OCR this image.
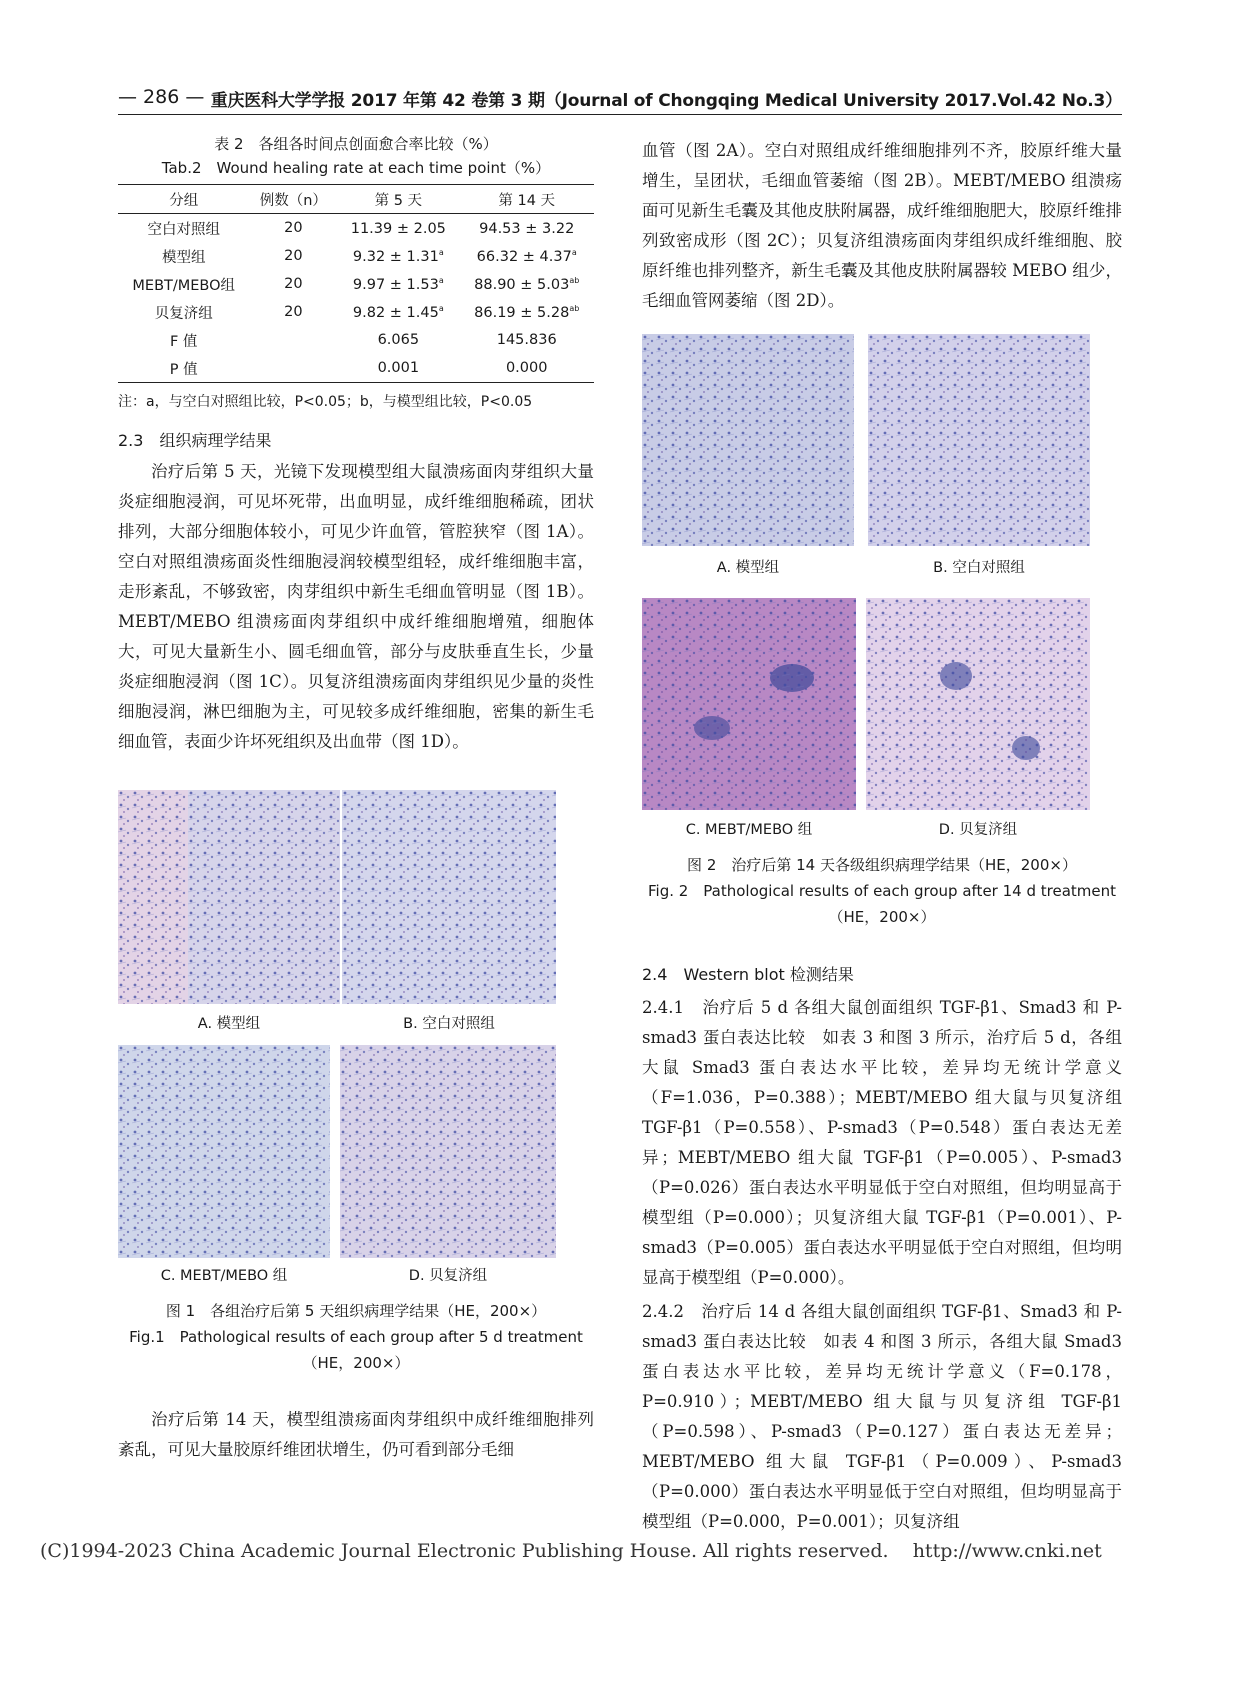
— 286 — 重庆医科大学学报 2017 年第 42 卷第 3 期（Journal of Chongqing Medical University 2017.Vol.42 No.3）
表 2　各组各时间点创面愈合率比较（%）
Tab.2　Wound healing rate at each time point（%）
分组	例数（n）	第 5 天	第 14 天
空白对照组	20	11.39 ± 2.05	94.53 ± 3.22
模型组	20	9.32 ± 1.31$^a$	66.32 ± 4.37$^a$
MEBT/MEBO组	20	9.97 ± 1.53$^a$	88.90 ± 5.03$^{ab}$
贝复济组	20	9.82 ± 1.45$^a$	86.19 ± 5.28$^{ab}$
F 值		6.065	145.836
P 值		0.001	0.000
注：a，与空白对照组比较，P<0.05；b，与模型组比较，P<0.05
2.3　组织病理学结果

治疗后第 5 天，光镜下发现模型组大鼠溃疡面肉芽组织大量炎症细胞浸润，可见坏死带，出血明显，成纤维细胞稀疏，团状排列，大部分细胞体较小，可见少许血管，管腔狭窄（图 1A）。空白对照组溃疡面炎性细胞浸润较模型组轻，成纤维细胞丰富，走形紊乱，不够致密，肉芽组织中新生毛细血管明显（图 1B）。MEBT/MEBO 组溃疡面肉芽组织中成纤维细胞增殖，细胞体大，可见大量新生小、圆毛细血管，部分与皮肤垂直生长，少量炎症细胞浸润（图 1C）。贝复济组溃疡面肉芽组织见少量的炎性细胞浸润，淋巴细胞为主，可见较多成纤维细胞，密集的新生毛细血管，表面少许坏死组织及出血带（图 1D）。

A. 模型组	B. 空白对照组
C. MEBT/MEBO 组	D. 贝复济组
图 1　各组治疗后第 5 天组织病理学结果（HE，200×）
Fig.1　Pathological results of each group after 5 d treatment
（HE，200×）

治疗后第 14 天，模型组溃疡面肉芽组织中成纤维细胞排列紊乱，可见大量胶原纤维团状增生，仍可看到部分毛细

血管（图 2A）。空白对照组成纤维细胞排列不齐，胶原纤维大量增生，呈团状，毛细血管萎缩（图 2B）。MEBT/MEBO 组溃疡面可见新生毛囊及其他皮肤附属器，成纤维细胞肥大，胶原纤维排列致密成形（图 2C）；贝复济组溃疡面肉芽组织成纤维细胞、胶原纤维也排列整齐，新生毛囊及其他皮肤附属器较 MEBO 组少，毛细血管网萎缩（图 2D）。

A. 模型组	B. 空白对照组
C. MEBT/MEBO 组	D. 贝复济组
图 2　治疗后第 14 天各级组织病理学结果（HE，200×）
Fig. 2　Pathological results of each group after 14 d treatment
（HE，200×）
2.4　Western blot 检测结果

2.4.1　治疗后 5 d 各组大鼠创面组织 TGF-β1、Smad3 和 P-smad3 蛋白表达比较　如表 3 和图 3 所示，治疗后 5 d，各组大鼠 Smad3 蛋白表达水平比较，差异均无统计学意义（F=1.036，P=0.388）；MEBT/MEBO 组大鼠与贝复济组 TGF-β1（P=0.558）、P-smad3（P=0.548）蛋白表达无差异；MEBT/MEBO 组大鼠 TGF-β1（P=0.005）、P-smad3（P=0.026）蛋白表达水平明显低于空白对照组，但均明显高于模型组（P=0.000）；贝复济组大鼠 TGF-β1（P=0.001）、P-smad3（P=0.005）蛋白表达水平明显低于空白对照组，但均明显高于模型组（P=0.000）。

2.4.2　治疗后 14 d 各组大鼠创面组织 TGF-β1、Smad3 和 P-smad3 蛋白表达比较　如表 4 和图 3 所示，各组大鼠 Smad3 蛋白表达水平比较，差异均无统计学意义（F=0.178，P=0.910）；MEBT/MEBO 组大鼠与贝复济组 TGF-β1（P=0.598）、P-smad3（P=0.127）蛋白表达无差异；MEBT/MEBO 组大鼠 TGF-β1（P=0.009）、P-smad3（P=0.000）蛋白表达水平明显低于空白对照组，但均明显高于模型组（P=0.000，P=0.001）；贝复济组

(C)1994-2023 China Academic Journal Electronic Publishing House. All rights reserved.    http://www.cnki.net
